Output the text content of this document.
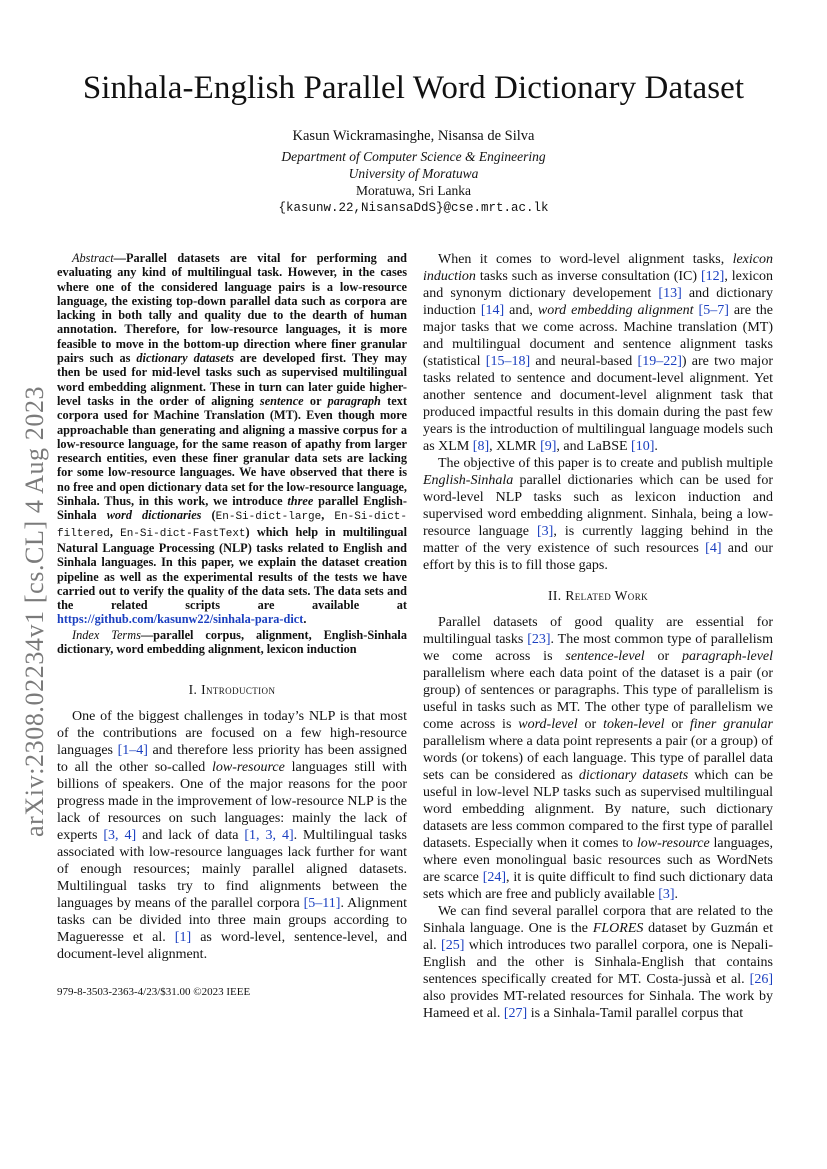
Sinhala-English Parallel Word Dictionary Dataset
Kasun Wickramasinghe, Nisansa de Silva
Department of Computer Science & Engineering
University of Moratuwa
Moratuwa, Sri Lanka
{kasunw.22,NisansaDdS}@cse.mrt.ac.lk
arXiv:2308.02234v1 [cs.CL] 4 Aug 2023

Abstract—Parallel datasets are vital for performing and evaluating any kind of multilingual task. However, in the cases where one of the considered language pairs is a low-resource language, the existing top-down parallel data such as corpora are lacking in both tally and quality due to the dearth of human annotation. Therefore, for low-resource languages, it is more feasible to move in the bottom-up direction where finer granular pairs such as dictionary datasets are developed first. They may then be used for mid-level tasks such as supervised multilingual word embedding alignment. These in turn can later guide higher-level tasks in the order of aligning sentence or paragraph text corpora used for Machine Translation (MT). Even though more approachable than generating and aligning a massive corpus for a low-resource language, for the same reason of apathy from larger research entities, even these finer granular data sets are lacking for some low-resource languages. We have observed that there is no free and open dictionary data set for the low-resource language, Sinhala. Thus, in this work, we introduce three parallel English-Sinhala word dictionaries (En-Si-dict-large, En-Si-dict-filtered, En-Si-dict-FastText) which help in multilingual Natural Language Processing (NLP) tasks related to English and Sinhala languages. In this paper, we explain the dataset creation pipeline as well as the experimental results of the tests we have carried out to verify the quality of the data sets. The data sets and the related scripts are available at https://github.com/kasunw22/sinhala-para-dict.

Index Terms—parallel corpus, alignment, English-Sinhala dictionary, word embedding alignment, lexicon induction

I. Introduction

One of the biggest challenges in today’s NLP is that most of the contributions are focused on a few high-resource languages [1–4] and therefore less priority has been assigned to all the other so-called low-resource languages still with billions of speakers. One of the major reasons for the poor progress made in the improvement of low-resource NLP is the lack of resources on such languages: mainly the lack of experts [3, 4] and lack of data [1, 3, 4]. Multilingual tasks associated with low-resource languages lack further for want of enough resources; mainly parallel aligned datasets. Multilingual tasks try to find alignments between the languages by means of the parallel corpora [5–11]. Alignment tasks can be divided into three main groups according to Magueresse et al. [1] as word-level, sentence-level, and document-level alignment.

When it comes to word-level alignment tasks, lexicon induction tasks such as inverse consultation (IC) [12], lexicon and synonym dictionary developement [13] and dictionary induction [14] and, word embedding alignment [5–7] are the major tasks that we come across. Machine translation (MT) and multilingual document and sentence alignment tasks (statistical [15–18] and neural-based [19–22]) are two major tasks related to sentence and document-level alignment. Yet another sentence and document-level alignment task that produced impactful results in this domain during the past few years is the introduction of multilingual language models such as XLM [8], XLMR [9], and LaBSE [10].

The objective of this paper is to create and publish multiple English-Sinhala parallel dictionaries which can be used for word-level NLP tasks such as lexicon induction and supervised word embedding alignment. Sinhala, being a low-resource language [3], is currently lagging behind in the matter of the very existence of such resources [4] and our effort by this is to fill those gaps.

II. Related Work

Parallel datasets of good quality are essential for multilingual tasks [23]. The most common type of parallelism we come across is sentence-level or paragraph-level parallelism where each data point of the dataset is a pair (or group) of sentences or paragraphs. This type of parallelism is useful in tasks such as MT. The other type of parallelism we come across is word-level or token-level or finer granular parallelism where a data point represents a pair (or a group) of words (or tokens) of each language. This type of parallel data sets can be considered as dictionary datasets which can be useful in low-level NLP tasks such as supervised multilingual word embedding alignment. By nature, such dictionary datasets are less common compared to the first type of parallel datasets. Especially when it comes to low-resource languages, where even monolingual basic resources such as WordNets are scarce [24], it is quite difficult to find such dictionary data sets which are free and publicly available [3].

We can find several parallel corpora that are related to the Sinhala language. One is the FLORES dataset by Guzmán et al. [25] which introduces two parallel corpora, one is Nepali-English and the other is Sinhala-English that contains sentences specifically created for MT. Costa-jussà et al. [26] also provides MT-related resources for Sinhala. The work by Hameed et al. [27] is a Sinhala-Tamil parallel corpus that

979-8-3503-2363-4/23/$31.00 ©2023 IEEE
